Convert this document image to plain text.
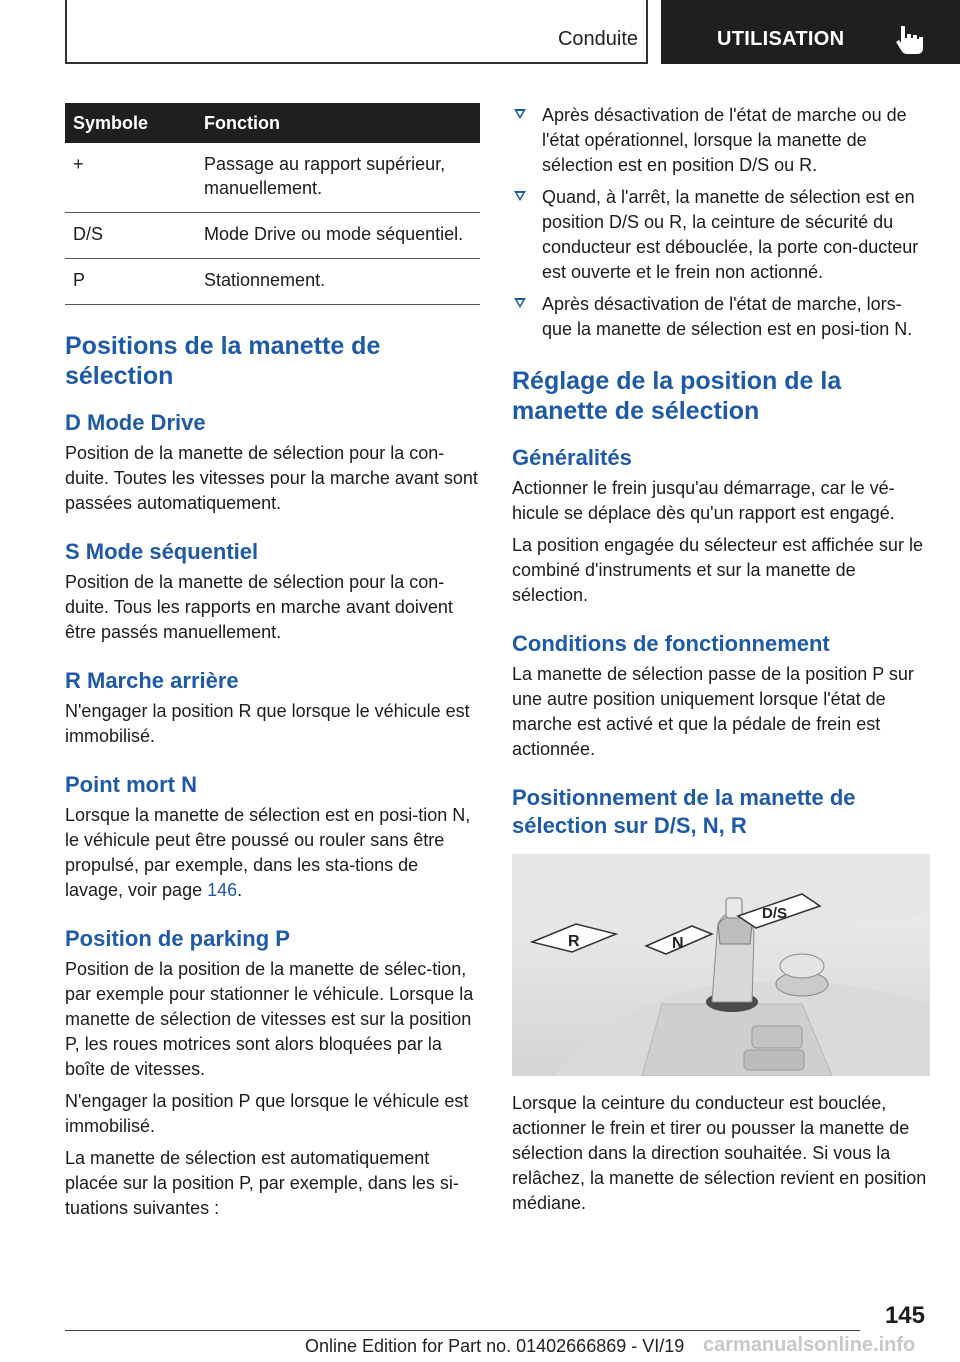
Conduite	UTILISATION
Symbole	Fonction
+	Passage au rapport supérieur, manuellement.
D/S	Mode Drive ou mode séquentiel.
P	Stationnement.
Positions de la manette de sélection
D Mode Drive

Position de la manette de sélection pour la con-duite. Toutes les vitesses pour la marche avant sont passées automatiquement.

S Mode séquentiel

Position de la manette de sélection pour la con-duite. Tous les rapports en marche avant doivent être passés manuellement.

R Marche arrière

N'engager la position R que lorsque le véhicule est immobilisé.

Point mort N

Lorsque la manette de sélection est en posi-tion N, le véhicule peut être poussé ou rouler sans être propulsé, par exemple, dans les sta-tions de lavage, voir page 146.

Position de parking P

Position de la position de la manette de sélec-tion, par exemple pour stationner le véhicule. Lorsque la manette de sélection de vitesses est sur la position P, les roues motrices sont alors bloquées par la boîte de vitesses.

N'engager la position P que lorsque le véhicule est immobilisé.

La manette de sélection est automatiquement placée sur la position P, par exemple, dans les si-tuations suivantes :

Après désactivation de l'état de marche ou de l'état opérationnel, lorsque la manette de sélection est en position D/S ou R.
Quand, à l'arrêt, la manette de sélection est en position D/S ou R, la ceinture de sécurité du conducteur est débouclée, la porte con-ducteur est ouverte et le frein non actionné.
Après désactivation de l'état de marche, lors-que la manette de sélection est en posi-tion N.
Réglage de la position de la manette de sélection
Généralités

Actionner le frein jusqu'au démarrage, car le vé-hicule se déplace dès qu'un rapport est engagé.

La position engagée du sélecteur est affichée sur le combiné d'instruments et sur la manette de sélection.

Conditions de fonctionnement

La manette de sélection passe de la position P sur une autre position uniquement lorsque l'état de marche est activé et que la pédale de frein est actionnée.

Positionnement de la manette de sélection sur D/S, N, R
R	N
D/S

Lorsque la ceinture du conducteur est bouclée, actionner le frein et tirer ou pousser la manette de sélection dans la direction souhaitée. Si vous la relâchez, la manette de sélection revient en position médiane.

145
Online Edition for Part no. 01402666869 - VI/19 carmanualsonline.info
